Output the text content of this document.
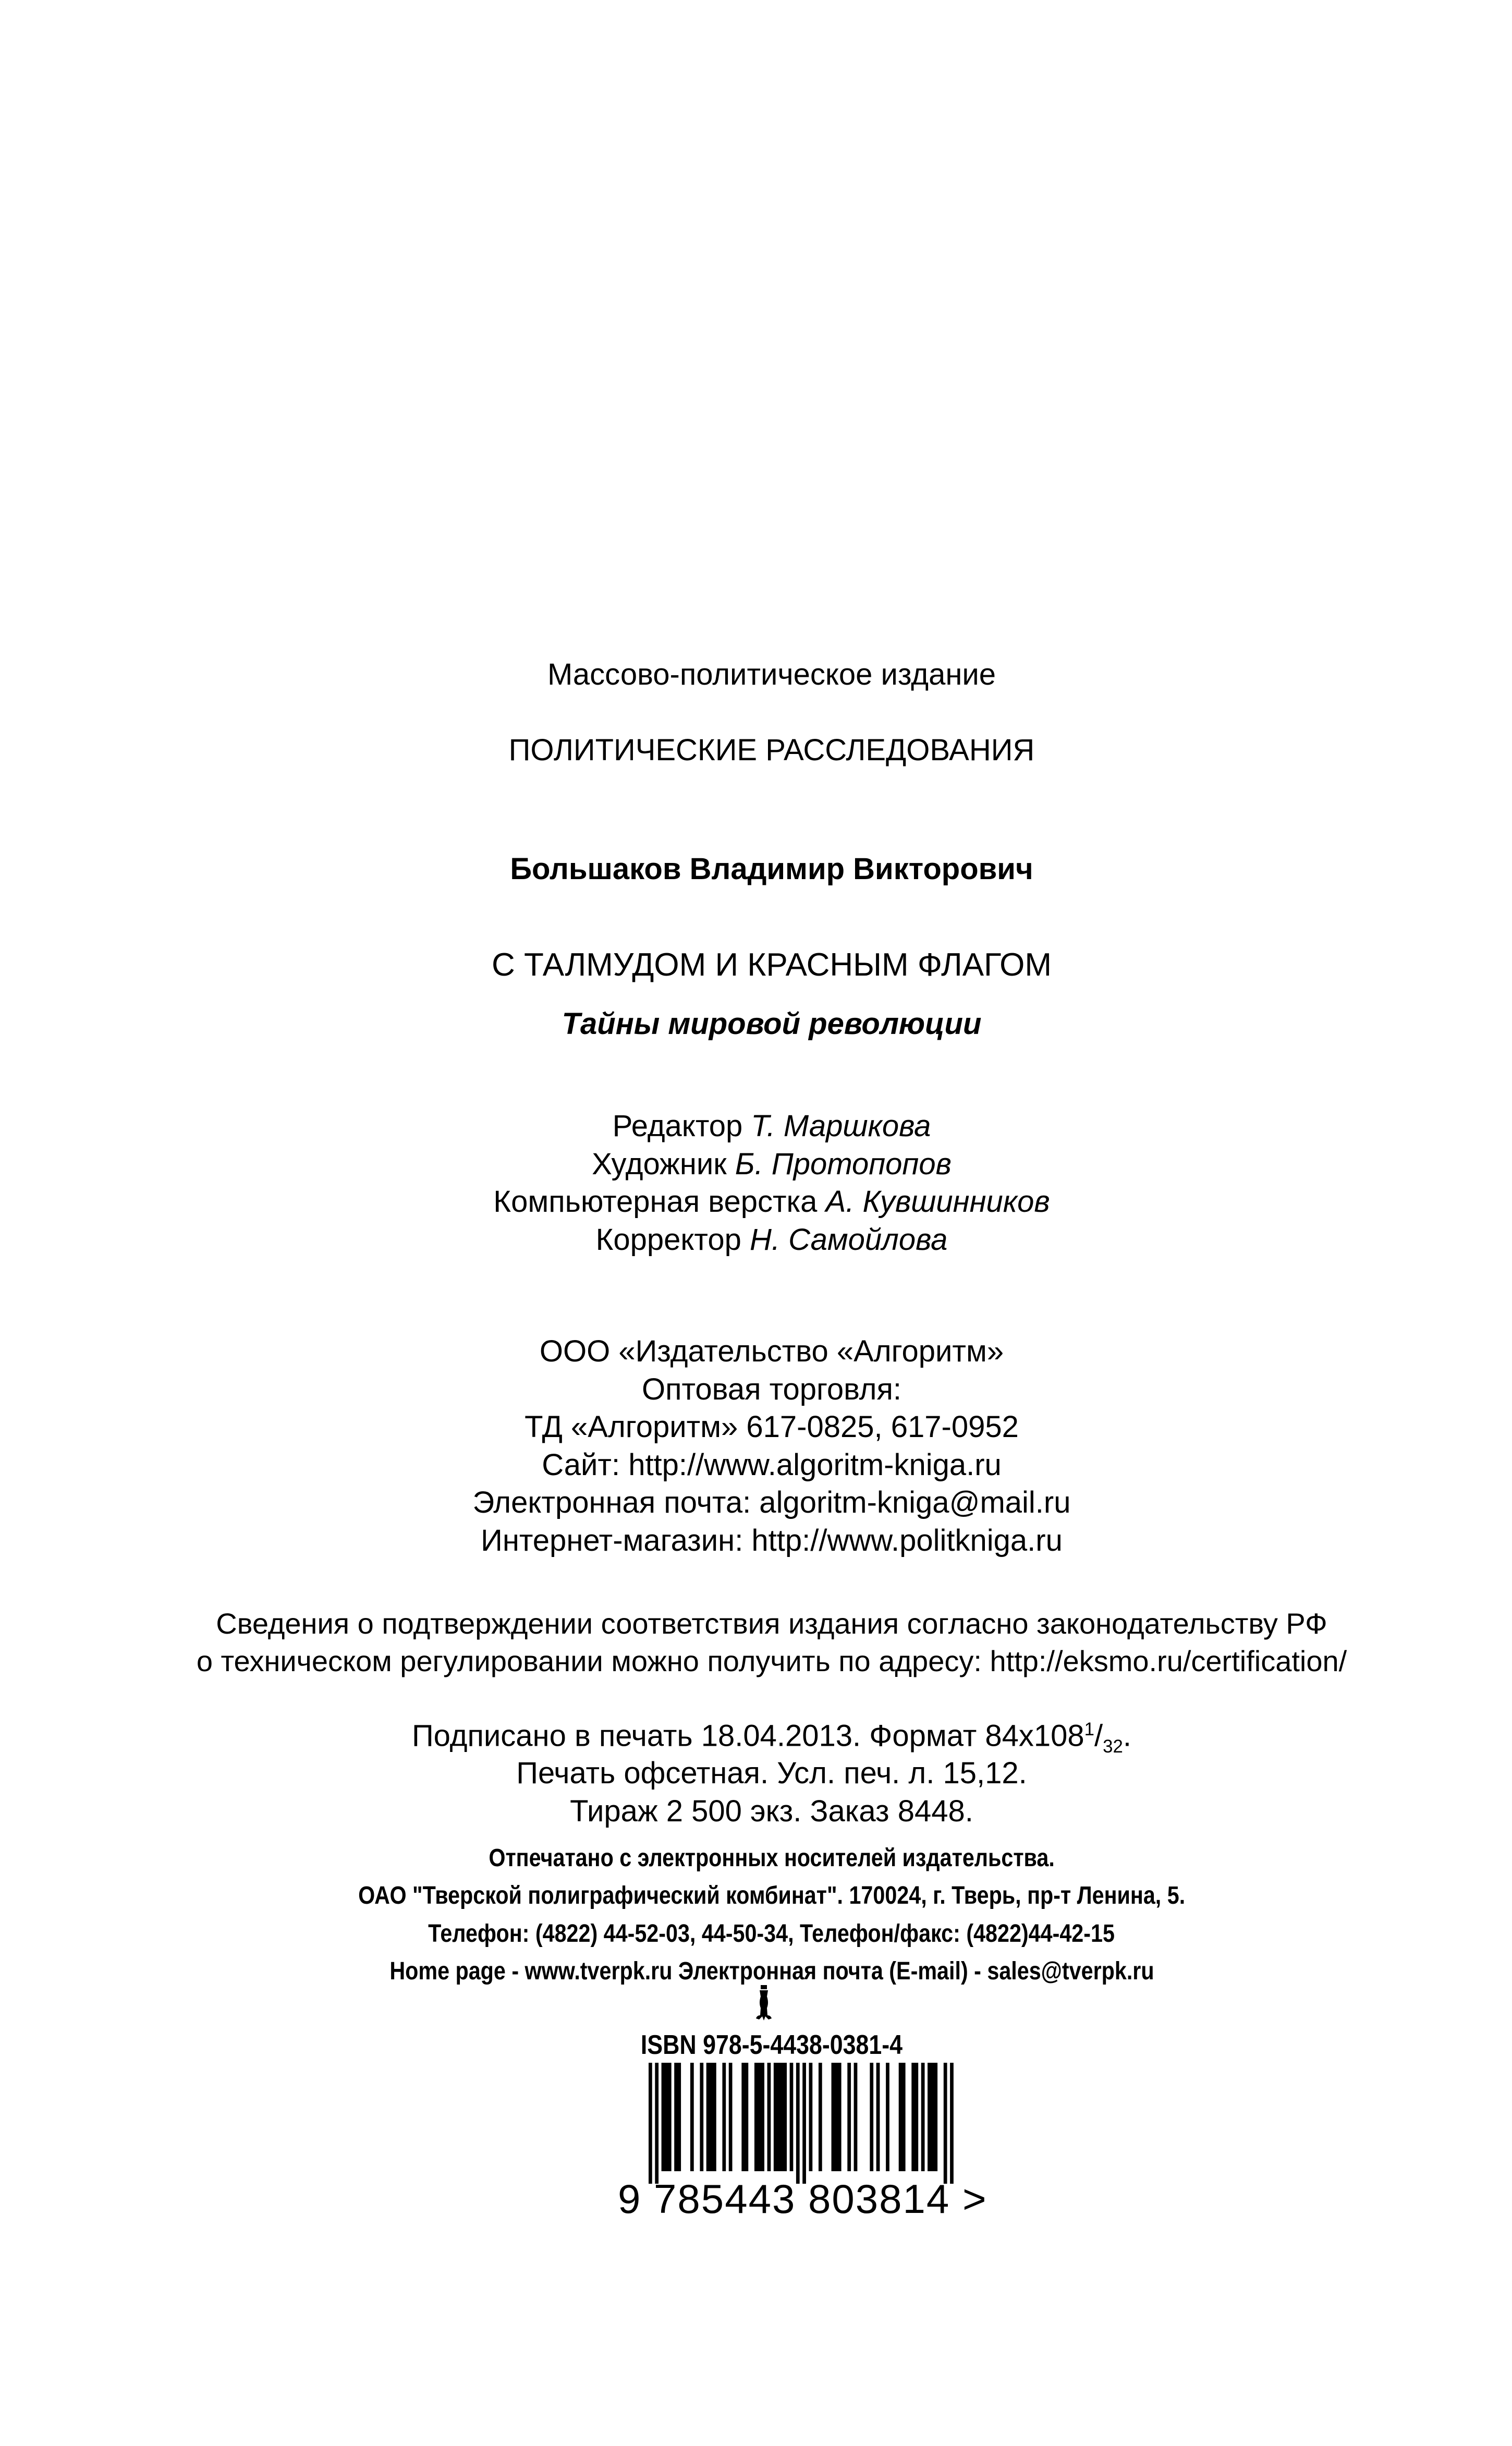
Массово-политическое издание
ПОЛИТИЧЕСКИЕ РАССЛЕДОВАНИЯ
Большаков Владимир Викторович
С ТАЛМУДОМ И КРАСНЫМ ФЛАГОМ
Тайны мировой революции
Редактор Т. Маршкова
Художник Б. Протопопов
Компьютерная верстка А. Кувшинников
Корректор Н. Самойлова
ООО «Издательство «Алгоритм»
Оптовая торговля:
ТД «Алгоритм» 617-0825, 617-0952
Сайт: http://www.algoritm-kniga.ru
Электронная почта: algoritm-kniga@mail.ru
Интернет-магазин: http://www.politkniga.ru
Сведения о подтверждении соответствия издания согласно законодательству РФ
о техническом регулировании можно получить по адресу: http://eksmo.ru/certification/
Подписано в печать 18.04.2013. Формат $84х108^1/_{32}$.
Печать офсетная. Усл. печ. л. 15,12.
Тираж 2 500 экз. Заказ 8448.
Отпечатано с электронных носителей издательства.
ОАО "Тверской полиграфический комбинат". 170024, г. Тверь, пр-т Ленина, 5.
Телефон: (4822) 44-52-03, 44-50-34, Телефон/факс: (4822)44-42-15
Home page - www.tverpk.ru Электронная почта (E-mail) - sales@tverpk.ru
ISBN 978-5-4438-0381-4
9 785443 803814 >
